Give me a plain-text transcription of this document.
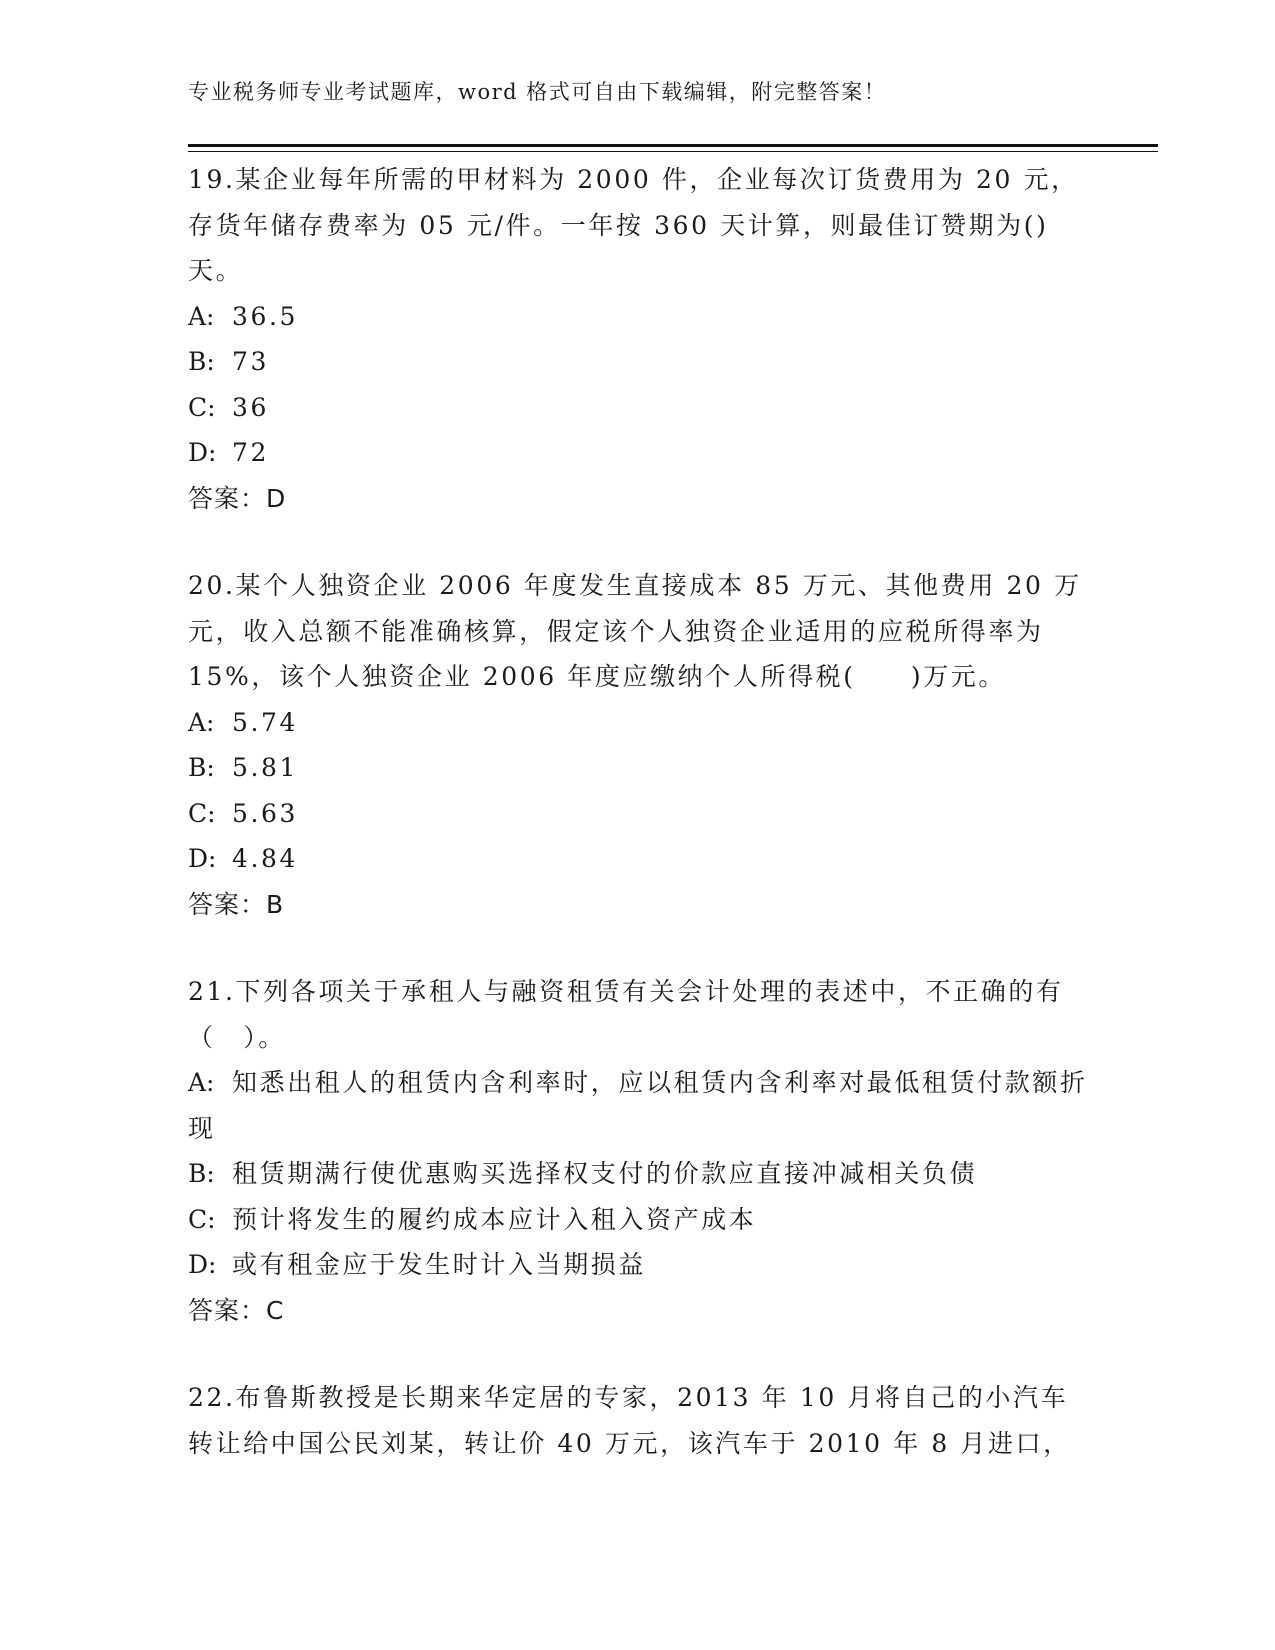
专业税务师专业考试题库，word 格式可自由下载编辑，附完整答案！

19.某企业每年所需的甲材料为 2000 件，企业每次订货费用为 20 元，存货年储存费率为 05 元/件。一年按 360 天计算，则最佳订赞期为()天。

A: 36.5

B: 73

C: 36

D: 72

答案：D

20.某个人独资企业 2006 年度发生直接成本 85 万元、其他费用 20 万元，收入总额不能准确核算，假定该个人独资企业适用的应税所得率为 15%，该个人独资企业 2006 年度应缴纳个人所得税(　　)万元。

A: 5.74

B: 5.81

C: 5.63

D: 4.84

答案：B

21.下列各项关于承租人与融资租赁有关会计处理的表述中，不正确的有（　）。

A: 知悉出租人的租赁内含利率时，应以租赁内含利率对最低租赁付款额折现

B: 租赁期满行使优惠购买选择权支付的价款应直接冲减相关负债

C: 预计将发生的履约成本应计入租入资产成本

D: 或有租金应于发生时计入当期损益

答案：C

22.布鲁斯教授是长期来华定居的专家，2013 年 10 月将自己的小汽车转让给中国公民刘某，转让价 40 万元，该汽车于 2010 年 8 月进口，
